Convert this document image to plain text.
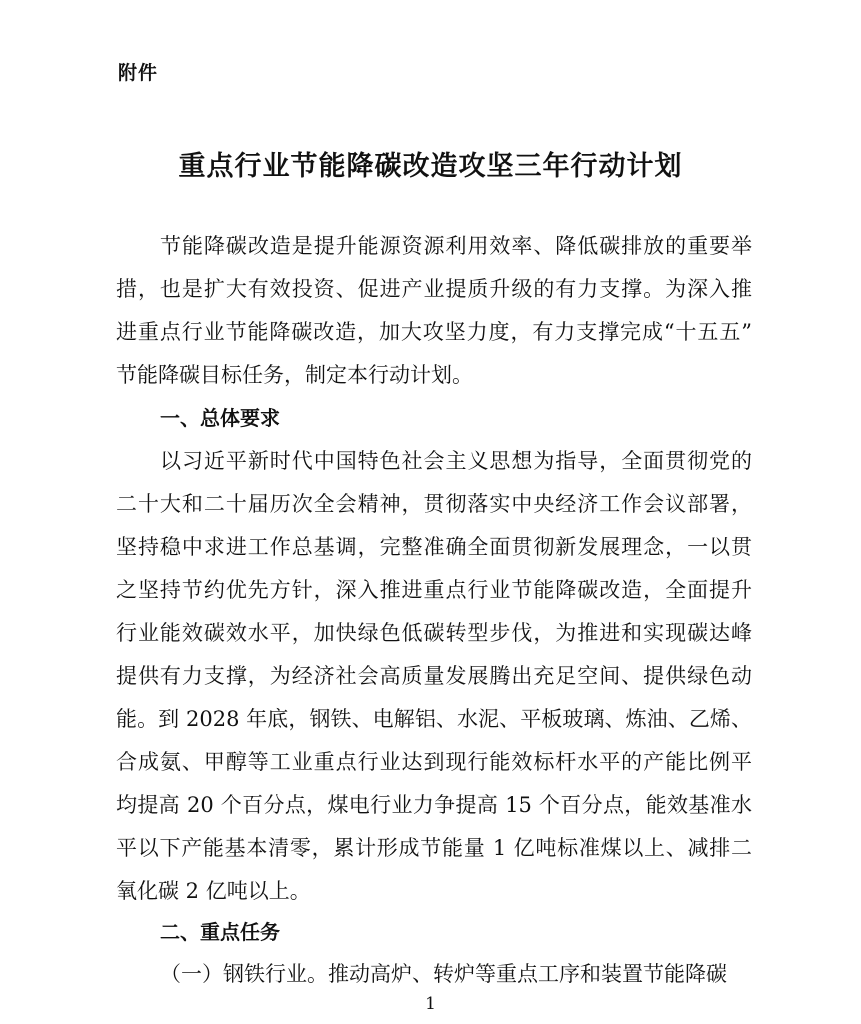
附件
重点行业节能降碳改造攻坚三年行动计划
节能降碳改造是提升能源资源利用效率、降低碳排放的重要举
措，也是扩大有效投资、促进产业提质升级的有力支撑。为深入推
进重点行业节能降碳改造，加大攻坚力度，有力支撑完成“十五五”
节能降碳目标任务，制定本行动计划。
一、总体要求
以习近平新时代中国特色社会主义思想为指导，全面贯彻党的
二十大和二十届历次全会精神，贯彻落实中央经济工作会议部署，
坚持稳中求进工作总基调，完整准确全面贯彻新发展理念，一以贯
之坚持节约优先方针，深入推进重点行业节能降碳改造，全面提升
行业能效碳效水平，加快绿色低碳转型步伐，为推进和实现碳达峰
提供有力支撑，为经济社会高质量发展腾出充足空间、提供绿色动
能。到 2028 年底，钢铁、电解铝、水泥、平板玻璃、炼油、乙烯、
合成氨、甲醇等工业重点行业达到现行能效标杆水平的产能比例平
均提高 20 个百分点，煤电行业力争提高 15 个百分点，能效基准水
平以下产能基本清零，累计形成节能量 1 亿吨标准煤以上、减排二
氧化碳 2 亿吨以上。
二、重点任务
（一）钢铁行业。推动高炉、转炉等重点工序和装置节能降碳
1
